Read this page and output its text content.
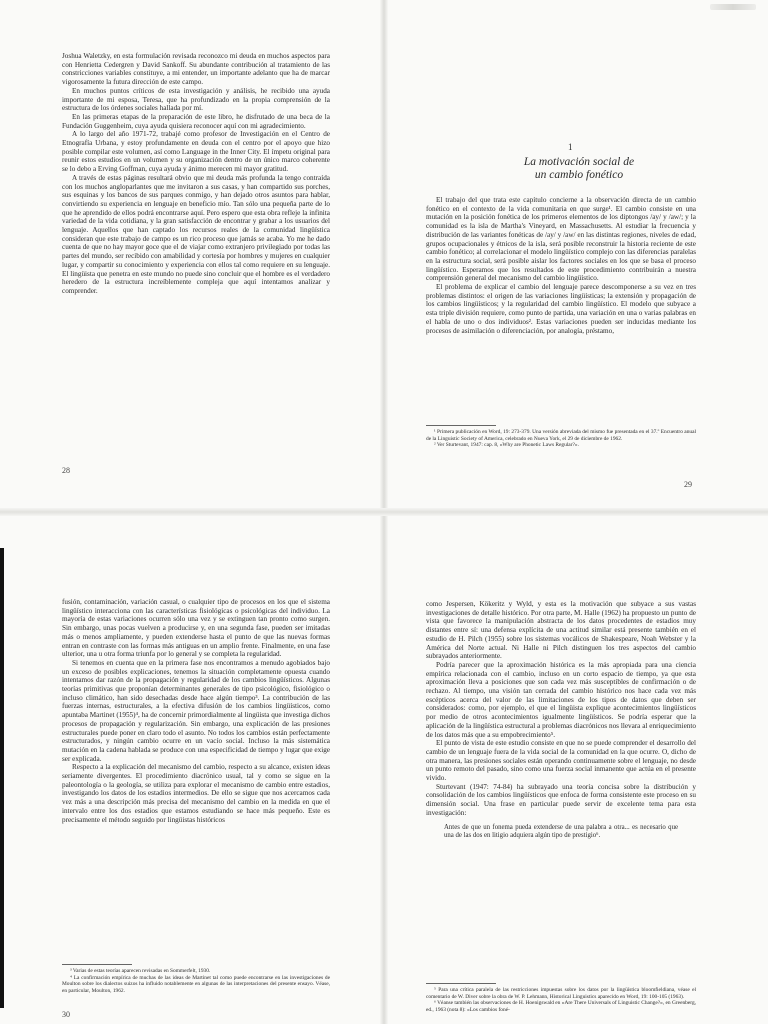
Joshua Waletzky, en esta formulación revisada reconozco mi deuda en muchos aspectos para con Henrietta Cedergren y David Sankoff. Su abundante contribución al tratamiento de las constricciones variables constituye, a mi entender, un importante adelanto que ha de marcar vigorosamente la futura dirección de este campo.

En muchos puntos críticos de esta investigación y análisis, he recibido una ayuda importante de mi esposa, Teresa, que ha profundizado en la propia comprensión de la estructura de los órdenes sociales hallada por mí.

En las primeras etapas de la preparación de este libro, he disfrutado de una beca de la Fundación Guggenheim, cuya ayuda quisiera reconocer aquí con mi agradecimiento.

A lo largo del año 1971-72, trabajé como profesor de Investigación en el Centro de Etnografía Urbana, y estoy profundamente en deuda con el centro por el apoyo que hizo posible compilar este volumen, así como Language in the Inner City. El ímpetu original para reunir estos estudios en un volumen y su organización dentro de un único marco coherente se lo debo a Erving Goffman, cuya ayuda y ánimo merecen mi mayor gratitud.

A través de estas páginas resultará obvio que mi deuda más profunda la tengo contraída con los muchos angloparlantes que me invitaron a sus casas, y han compartido sus porches, sus esquinas y los bancos de sus parques conmigo, y han dejado otros asuntos para hablar, convirtiendo su experiencia en lenguaje en beneficio mío. Tan sólo una pequeña parte de lo que he aprendido de ellos podrá encontrarse aquí. Pero espero que esta obra refleje la infinita variedad de la vida cotidiana, y la gran satisfacción de encontrar y grabar a los usuarios del lenguaje. Aquellos que han captado los recursos reales de la comunidad lingüística consideran que este trabajo de campo es un rico proceso que jamás se acaba. Yo me he dado cuenta de que no hay mayor goce que el de viajar como extranjero privilegiado por todas las partes del mundo, ser recibido con amabilidad y cortesía por hombres y mujeres en cualquier lugar, y compartir su conocimiento y experiencia con ellos tal como requiere en su lenguaje. El lingüista que penetra en este mundo no puede sino concluir que el hombre es el verdadero heredero de la estructura increíblemente compleja que aquí intentamos analizar y comprender.

28
1
La motivación social de
un cambio fonético

El trabajo del que trata este capítulo concierne a la observación directa de un cambio fonético en el contexto de la vida comunitaria en que surge¹. El cambio consiste en una mutación en la posición fonética de los primeros elementos de los diptongos /ay/ y /aw/; y la comunidad es la isla de Martha's Vineyard, en Massachusetts. Al estudiar la frecuencia y distribución de las variantes fonéticas de /ay/ y /aw/ en las distintas regiones, niveles de edad, grupos ocupacionales y étnicos de la isla, será posible reconstruir la historia reciente de este cambio fonético; al correlacionar el modelo lingüístico complejo con las diferencias paralelas en la estructura social, será posible aislar los factores sociales en los que se basa el proceso lingüístico. Esperamos que los resultados de este procedimiento contribuirán a nuestra comprensión general del mecanismo del cambio lingüístico.

El problema de explicar el cambio del lenguaje parece descomponerse a su vez en tres problemas distintos: el origen de las variaciones lingüísticas; la extensión y propagación de los cambios lingüísticos; y la regularidad del cambio lingüístico. El modelo que subyace a esta triple división requiere, como punto de partida, una variación en una o varias palabras en el habla de uno o dos individuos². Estas variaciones pueden ser inducidas mediante los procesos de asimilación o diferenciación, por analogía, préstamo,

¹ Primera publicación en Word, 19: 273-379. Una versión abreviada del mismo fue presentada en el 37.º Encuentro anual de la Linguistic Society of America, celebrado en Nueva York, el 29 de diciembre de 1962.

² Ver Sturtevant, 1947: cap. 8, «Why are Phonetic Laws Regular?».

29

fusión, contaminación, variación casual, o cualquier tipo de procesos en los que el sistema lingüístico interacciona con las características fisiológicas o psicológicas del individuo. La mayoría de estas variaciones ocurren sólo una vez y se extinguen tan pronto como surgen. Sin embargo, unas pocas vuelven a producirse y, en una segunda fase, pueden ser imitadas más o menos ampliamente, y pueden extenderse hasta el punto de que las nuevas formas entran en contraste con las formas más antiguas en un amplio frente. Finalmente, en una fase ulterior, una u otra forma triunfa por lo general y se completa la regularidad.

Si tenemos en cuenta que en la primera fase nos encontramos a menudo agobiados bajo un exceso de posibles explicaciones, tenemos la situación completamente opuesta cuando intentamos dar razón de la propagación y regularidad de los cambios lingüísticos. Algunas teorías primitivas que proponían determinantes generales de tipo psicológico, fisiológico o incluso climático, han sido desechadas desde hace algún tiempo³. La contribución de las fuerzas internas, estructurales, a la efectiva difusión de los cambios lingüísticos, como apuntaba Martinet (1955)⁴, ha de concernir primordialmente al lingüista que investiga dichos procesos de propagación y regularización. Sin embargo, una explicación de las presiones estructurales puede poner en claro todo el asunto. No todos los cambios están perfectamente estructurados, y ningún cambio ocurre en un vacío social. Incluso la más sistemática mutación en la cadena hablada se produce con una especificidad de tiempo y lugar que exige ser explicada.

Respecto a la explicación del mecanismo del cambio, respecto a su alcance, existen ideas seriamente divergentes. El procedimiento diacrónico usual, tal y como se sigue en la paleontología o la geología, se utiliza para explorar el mecanismo de cambio entre estadios, investigando los datos de los estadios intermedios. De ello se sigue que nos acercamos cada vez más a una descripción más precisa del mecanismo del cambio en la medida en que el intervalo entre los dos estadios que estamos estudiando se hace más pequeño. Este es precisamente el método seguido por lingüistas históricos

³ Varias de estas teorías aparecen revisadas en Sommerfelt, 1930.

⁴ La confirmación empírica de muchas de las ideas de Martinet tal como puede encontrarse en las investigaciones de Moulton sobre los dialectos suizos ha influido notablemente en algunas de las interpretaciones del presente ensayo. Véase, en particular, Moulton, 1962.

30

como Jespersen, Kökeritz y Wyld, y esta es la motivación que subyace a sus vastas investigaciones de detalle histórico. Por otra parte, M. Halle (1962) ha propuesto un punto de vista que favorece la manipulación abstracta de los datos procedentes de estadios muy distantes entre sí: una defensa explícita de una actitud similar está presente también en el estudio de H. Pilch (1955) sobre los sistemas vocálicos de Shakespeare, Noah Webster y la América del Norte actual. Ni Halle ni Pilch distinguen los tres aspectos del cambio subrayados anteriormente.

Podría parecer que la aproximación histórica es la más apropiada para una ciencia empírica relacionada con el cambio, incluso en un corto espacio de tiempo, ya que esta aproximación lleva a posiciones que son cada vez más susceptibles de confirmación o de rechazo. Al tiempo, una visión tan cerrada del cambio histórico nos hace cada vez más escépticos acerca del valor de las limitaciones de los tipos de datos que deben ser considerados: como, por ejemplo, el que el lingüista explique acontecimientos lingüísticos por medio de otros acontecimientos igualmente lingüísticos. Se podría esperar que la aplicación de la lingüística estructural a problemas diacrónicos nos llevara al enriquecimiento de los datos más que a su empobrecimiento⁵.

El punto de vista de este estudio consiste en que no se puede comprender el desarrollo del cambio de un lenguaje fuera de la vida social de la comunidad en la que ocurre. O, dicho de otra manera, las presiones sociales están operando continuamente sobre el lenguaje, no desde un punto remoto del pasado, sino como una fuerza social inmanente que actúa en el presente vivido.

Sturtevant (1947: 74-84) ha subrayado una teoría concisa sobre la distribución y consolidación de los cambios lingüísticos que enfoca de forma consistente este proceso en su dimensión social. Una frase en particular puede servir de excelente tema para esta investigación:

Antes de que un fonema pueda extenderse de una palabra a otra... es necesario que una de las dos en litigio adquiera algún tipo de prestigio⁶.

⁵ Para una crítica paralela de las restricciones impuestas sobre los datos por la lingüística bloomfieldiana, véase el comentario de W. Diver sobre la obra de W. P. Lehmann, Historical Linguistics aparecido en Word, 19: 100-105 (1963).

⁶ Véanse también las observaciones de H. Hoenigswald en «Are There Universals of Linguistic Change?», en Greenberg, ed., 1963 (nota 8): «Los cambios foné-
